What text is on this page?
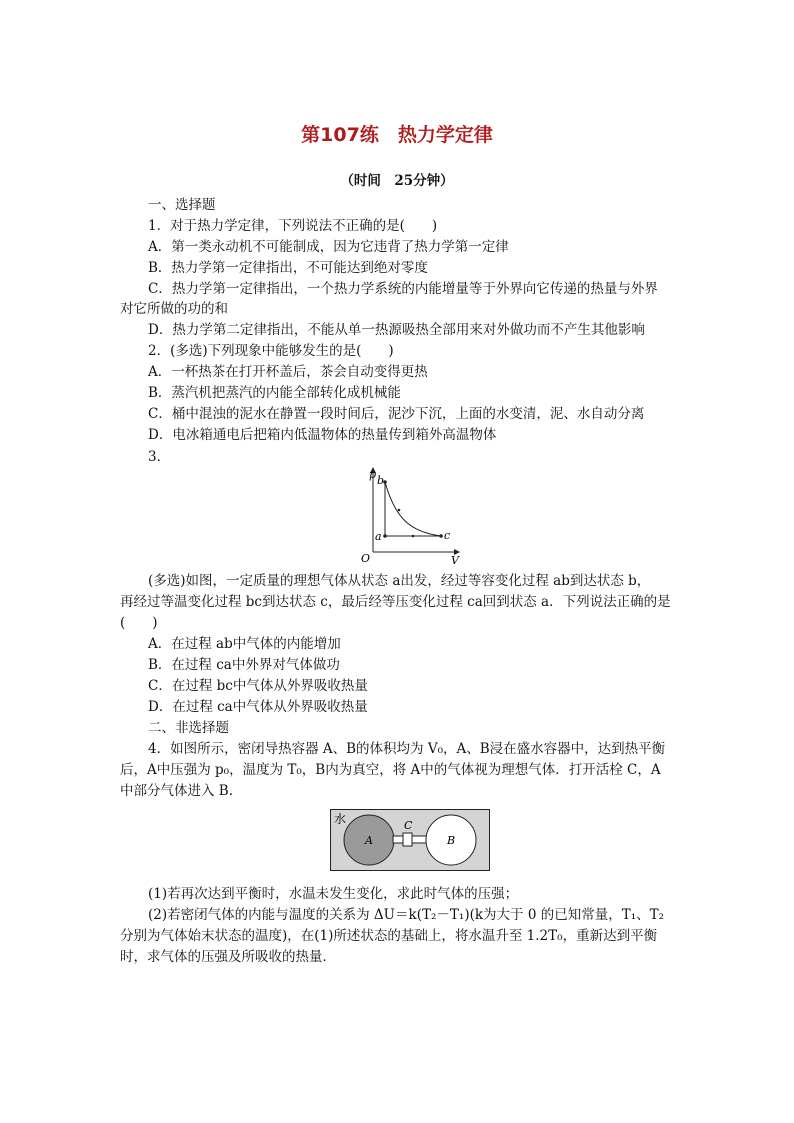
第107练　热力学定律
（时间　25分钟）
一、选择题
1．对于热力学定律，下列说法不正确的是(　　)
A．第一类永动机不可能制成，因为它违背了热力学第一定律
B．热力学第一定律指出，不可能达到绝对零度
C．热力学第一定律指出，一个热力学系统的内能增量等于外界向它传递的热量与外界
对它所做的功的和
D．热力学第二定律指出，不能从单一热源吸热全部用来对外做功而不产生其他影响
2．(多选)下列现象中能够发生的是(　　)
A．一杯热茶在打开杯盖后，茶会自动变得更热
B．蒸汽机把蒸汽的内能全部转化成机械能
C．桶中混浊的泥水在静置一段时间后，泥沙下沉，上面的水变清，泥、水自动分离
D．电冰箱通电后把箱内低温物体的热量传到箱外高温物体
3．
p
V
O
a
b
c
(多选)如图，一定质量的理想气体从状态 a出发，经过等容变化过程 ab到达状态 b，
再经过等温变化过程 bc到达状态 c，最后经等压变化过程 ca回到状态 a．下列说法正确的是
(　　)
A．在过程 ab中气体的内能增加
B．在过程 ca中外界对气体做功
C．在过程 bc中气体从外界吸收热量
D．在过程 ca中气体从外界吸收热量
二、非选择题
4．如图所示，密闭导热容器 A、B的体积均为 V₀，A、B浸在盛水容器中，达到热平衡
后，A中压强为 p₀，温度为 T₀，B内为真空，将 A中的气体视为理想气体．打开活栓 C，A
中部分气体进入 B.
水	C
A	B
(1)若再次达到平衡时，水温未发生变化，求此时气体的压强；
(2)若密闭气体的内能与温度的关系为 ΔU＝k(T₂－T₁)(k为大于 0 的已知常量，T₁、T₂
分别为气体始末状态的温度)，在(1)所述状态的基础上，将水温升至 1.2T₀，重新达到平衡
时，求气体的压强及所吸收的热量．
